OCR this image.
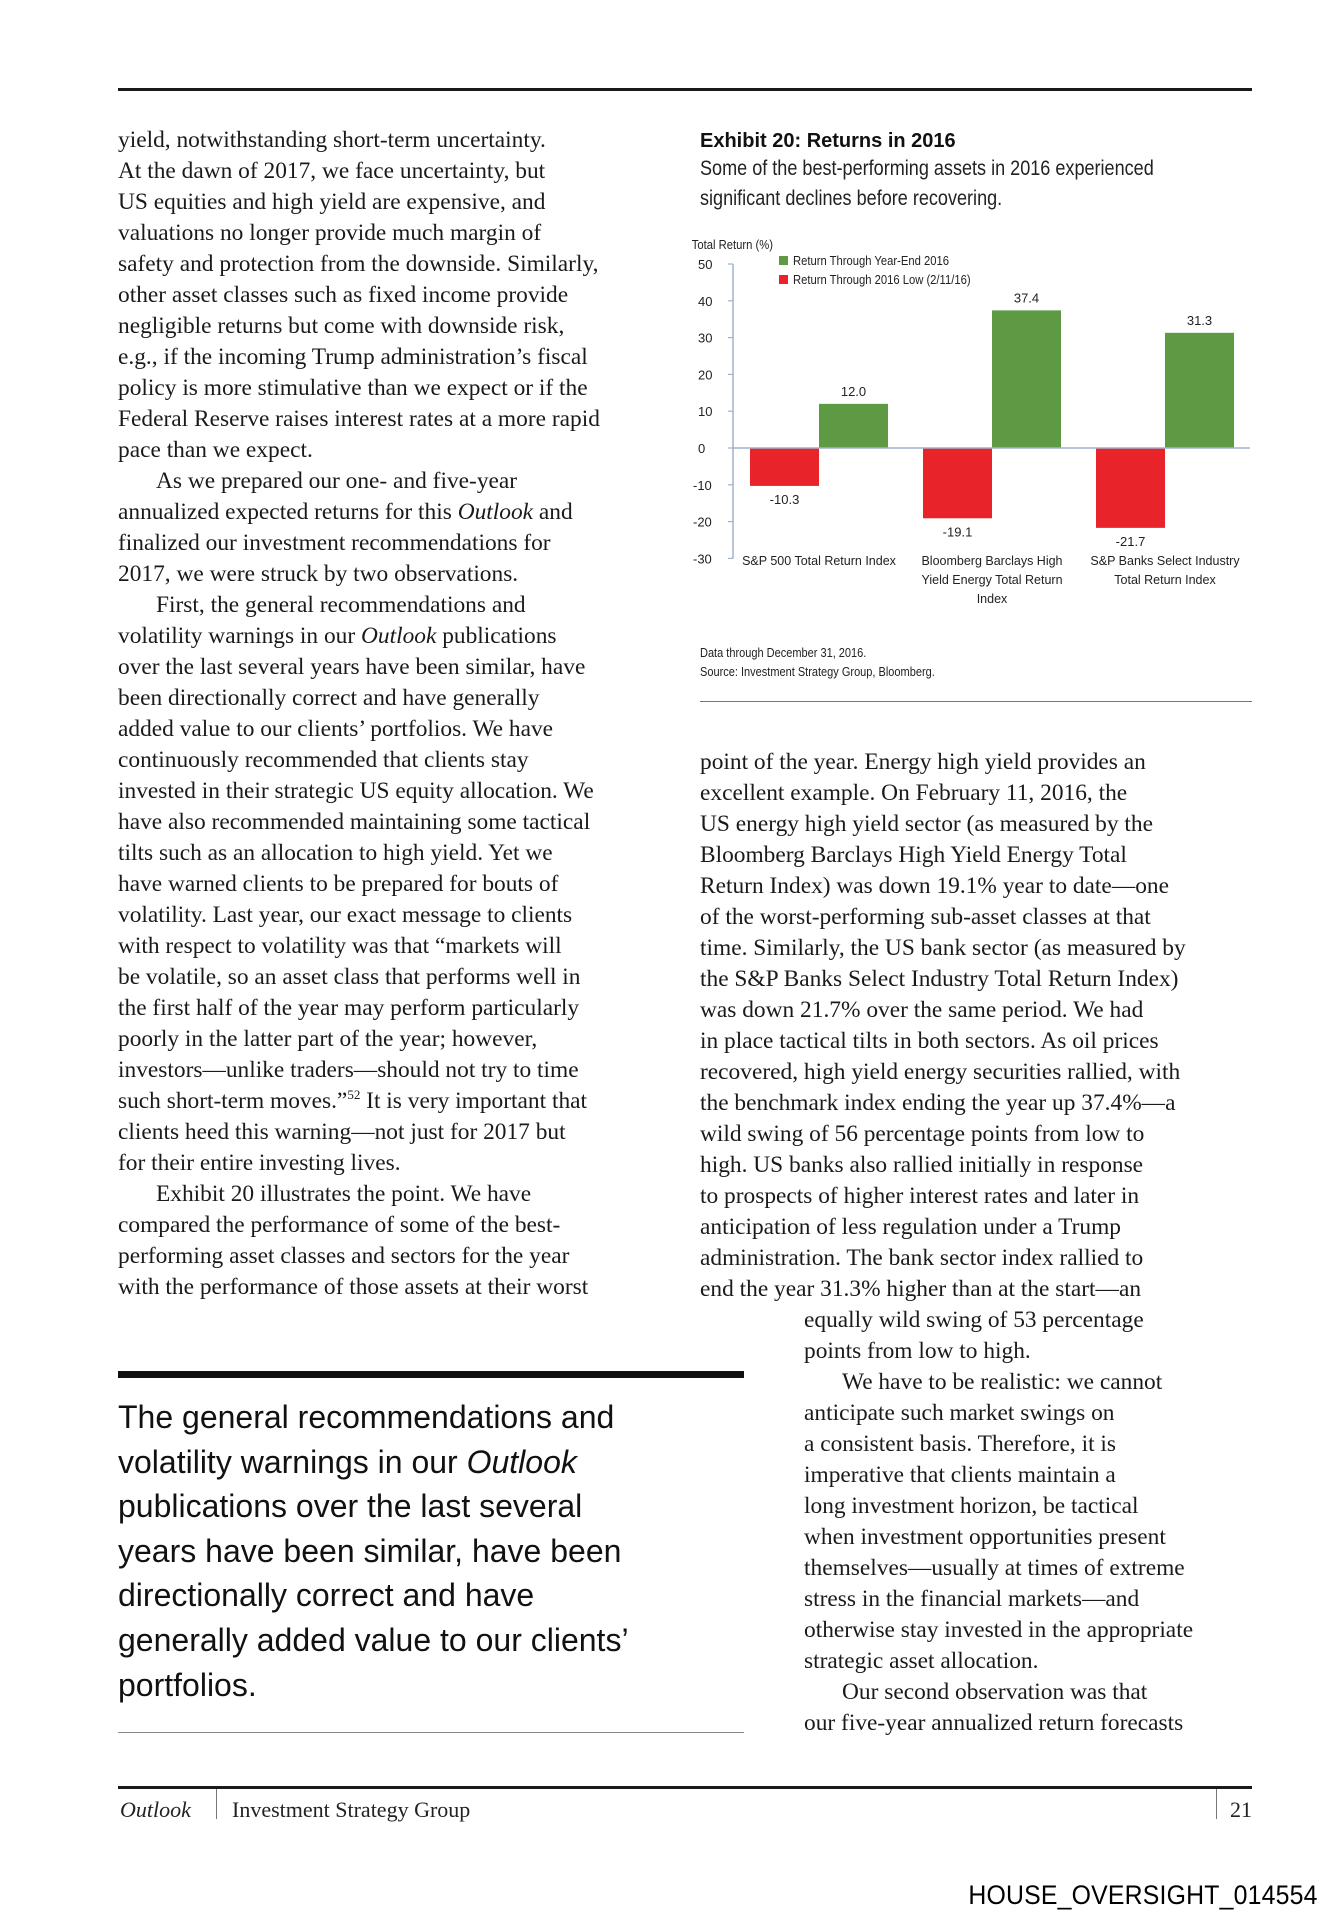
yield, notwithstanding short-term uncertainty.
At the dawn of 2017, we face uncertainty, but
US equities and high yield are expensive, and
valuations no longer provide much margin of
safety and protection from the downside. Similarly,
other asset classes such as fixed income provide
negligible returns but come with downside risk,
e.g., if the incoming Trump administration’s fiscal
policy is more stimulative than we expect or if the
Federal Reserve raises interest rates at a more rapid
pace than we expect.
As we prepared our one- and five-year
annualized expected returns for this Outlook and
finalized our investment recommendations for
2017, we were struck by two observations.
First, the general recommendations and
volatility warnings in our Outlook publications
over the last several years have been similar, have
been directionally correct and have generally
added value to our clients’ portfolios. We have
continuously recommended that clients stay
invested in their strategic US equity allocation. We
have also recommended maintaining some tactical
tilts such as an allocation to high yield. Yet we
have warned clients to be prepared for bouts of
volatility. Last year, our exact message to clients
with respect to volatility was that “markets will
be volatile, so an asset class that performs well in
the first half of the year may perform particularly
poorly in the latter part of the year; however,
investors—unlike traders—should not try to time
such short-term moves.”$^{52}$ It is very important that
clients heed this warning—not just for 2017 but
for their entire investing lives.
Exhibit 20 illustrates the point. We have
compared the performance of some of the best-
performing asset classes and sectors for the year
with the performance of those assets at their worst

Exhibit 20: Returns in 2016

Some of the best-performing assets in 2016 experienced

significant declines before recovering.

Total Return (%)
50
40
30
20
10
0
-10
-20
-30
-10.3
12.0
S&P 500 Total Return Index
-19.1
37.4
Bloomberg Barclays High
Yield Energy Total Return
Index
-21.7
31.3
S&P Banks Select Industry
Total Return Index
Return Through Year-End 2016
Return Through 2016 Low (2/11/16)
Data through December 31, 2016.
Source: Investment Strategy Group, Bloomberg.
point of the year. Energy high yield provides an
excellent example. On February 11, 2016, the
US energy high yield sector (as measured by the
Bloomberg Barclays High Yield Energy Total
Return Index) was down 19.1% year to date—one
of the worst-performing sub-asset classes at that
time. Similarly, the US bank sector (as measured by
the S&P Banks Select Industry Total Return Index)
was down 21.7% over the same period. We had
in place tactical tilts in both sectors. As oil prices
recovered, high yield energy securities rallied, with
the benchmark index ending the year up 37.4%—a
wild swing of 56 percentage points from low to
high. US banks also rallied initially in response
to prospects of higher interest rates and later in
anticipation of less regulation under a Trump
administration. The bank sector index rallied to
end the year 31.3% higher than at the start—an
equally wild swing of 53 percentage
points from low to high.
We have to be realistic: we cannot
anticipate such market swings on
a consistent basis. Therefore, it is
imperative that clients maintain a
long investment horizon, be tactical
when investment opportunities present
themselves—usually at times of extreme
stress in the financial markets—and
otherwise stay invested in the appropriate
strategic asset allocation.
Our second observation was that
our five-year annualized return forecasts
The general recommendations and
volatility warnings in our Outlook
publications over the last several
years have been similar, have been
directionally correct and have
generally added value to our clients’
portfolios.
Outlook Investment Strategy Group	21
HOUSE_OVERSIGHT_014554
